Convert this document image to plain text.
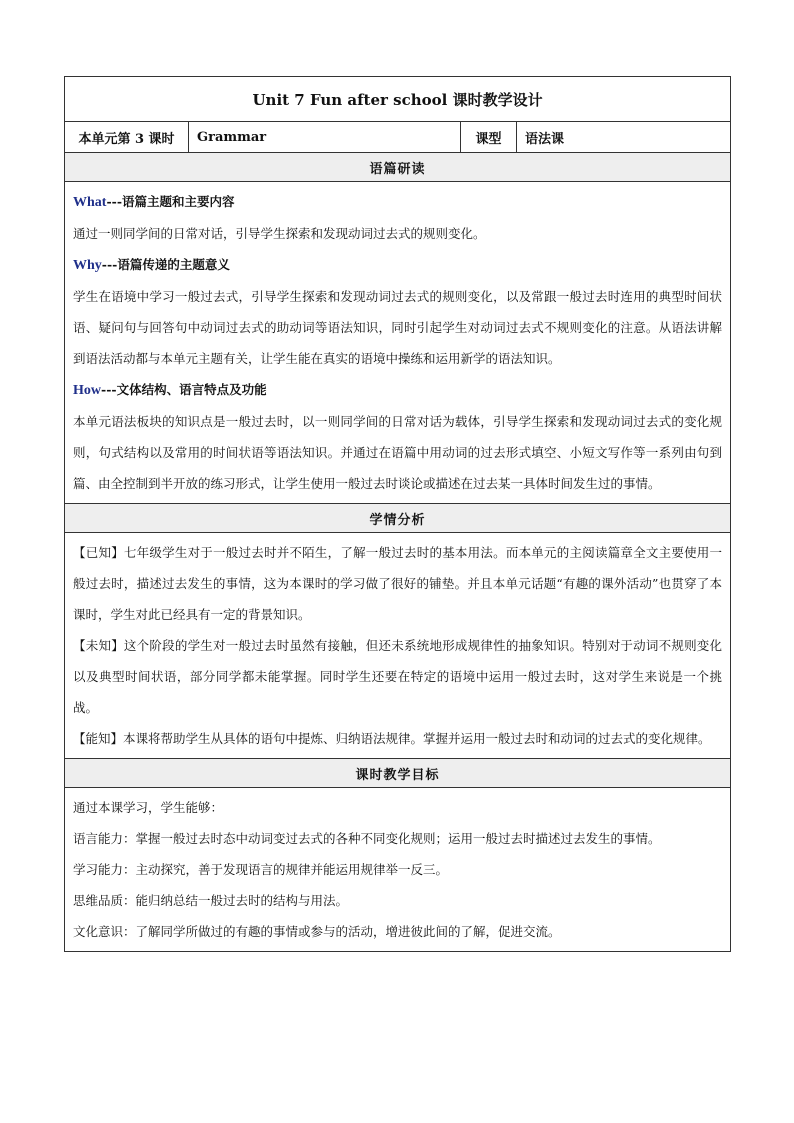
Unit 7 Fun after school 课时教学设计
本单元第 3 课时	Grammar	课型	语法课
语篇研读

What---语篇主题和主要内容

通过一则同学间的日常对话，引导学生探索和发现动词过去式的规则变化。

Why---语篇传递的主题意义

学生在语境中学习一般过去式，引导学生探索和发现动词过去式的规则变化，以及常跟一般过去时连用的典型时间状语、疑问句与回答句中动词过去式的助动词等语法知识，同时引起学生对动词过去式不规则变化的注意。从语法讲解到语法活动都与本单元主题有关，让学生能在真实的语境中操练和运用新学的语法知识。

How---文体结构、语言特点及功能

本单元语法板块的知识点是一般过去时，以一则同学间的日常对话为载体，引导学生探索和发现动词过去式的变化规则，句式结构以及常用的时间状语等语法知识。并通过在语篇中用动词的过去形式填空、小短文写作等一系列由句到篇、由全控制到半开放的练习形式，让学生使用一般过去时谈论或描述在过去某一具体时间发生过的事情。

学情分析

【已知】七年级学生对于一般过去时并不陌生，了解一般过去时的基本用法。而本单元的主阅读篇章全文主要使用一般过去时，描述过去发生的事情，这为本课时的学习做了很好的铺垫。并且本单元话题“有趣的课外活动”也贯穿了本课时，学生对此已经具有一定的背景知识。

【未知】这个阶段的学生对一般过去时虽然有接触，但还未系统地形成规律性的抽象知识。特别对于动词不规则变化以及典型时间状语，部分同学都未能掌握。同时学生还要在特定的语境中运用一般过去时，这对学生来说是一个挑战。

【能知】本课将帮助学生从具体的语句中提炼、归纳语法规律。掌握并运用一般过去时和动词的过去式的变化规律。

课时教学目标

通过本课学习，学生能够：

语言能力：掌握一般过去时态中动词变过去式的各种不同变化规则；运用一般过去时描述过去发生的事情。

学习能力：主动探究，善于发现语言的规律并能运用规律举一反三。

思维品质：能归纳总结一般过去时的结构与用法。

文化意识：了解同学所做过的有趣的事情或参与的活动，增进彼此间的了解，促进交流。
